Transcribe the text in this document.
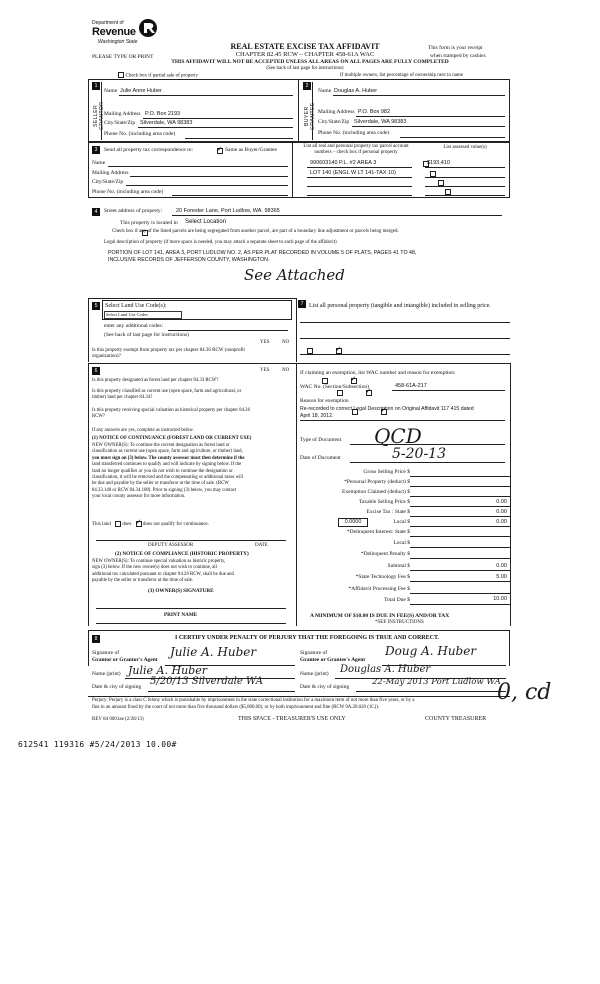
Department of
Revenue
Washington State	REAL ESTATE EXCISE TAX AFFIDAVIT
CHAPTER 82.45 RCW – CHAPTER 458-61A WAC
THIS AFFIDAVIT WILL NOT BE ACCEPTED UNLESS ALL AREAS ON ALL PAGES ARE FULLY COMPLETED
(See back of last page for instructions)
PLEASE TYPE OR PRINT
This form is your receipt
when stamped by cashier.
Check box if partial sale of property	If multiple owners, list percentage of ownership next to name
1
SELLER GRANTOR
Name Julie Anne Huber
Mailing Address P.O. Box 2193
City/State/Zip Silverdale, WA 98383
Phone No. (including area code)
2
BUYER GRANTEE
Name Douglas A. Huber
Mailing Address P.O. Box 982
City/State/Zip Silverdale, WA 98383
Phone No. (including area code)
3	Send all property tax correspondence to: ✓	Same as Buyer/Grantee
Name
Mailing Address
City/State/Zip
Phone No. (including area code)
List all real and personal property tax parcel account numbers – check box if personal property
List assessed value(s)
990603140 P.L. #2 AREA 3
	$193,410
LOT 140 (ENGL W LT 141-TAX 10)

4	Street address of property:	20 Forester Lane, Port Ludlow, WA. 98365
This property is located in Select Location

Check box if any of the listed parcels are being segregated from another parcel, are part of a boundary line adjustment or parcels being merged.
Legal description of property (if more space is needed, you may attach a separate sheet to each page of the affidavit)
PORTION OF LOT 141, AREA 3, PORT LUDLOW NO. 2, AS PER PLAT RECORDED IN VOLUME 5 OF PLATS, PAGES 41 TO 48,
INCLUSIVE RECORDS OF JEFFERSON COUNTY, WASHINGTON.
See Attached
5	Select Land Use Code(s):
Select Land Use Codes
enter any additional codes:
(See back of last page for instructions)
YES	NO
Is this property exempt from property tax per chapter 84.36 RCW (nonprofit organization)?
✓
7 List all personal property (tangible and intangible) included in selling price.
6	YES	NO
Is this property designated as forest land per chapter 84.33 RCW?
✓
Is this property classified as current use (open space, farm and agricultural, or timber) land per chapter 84.34?
✓
Is this property receiving special valuation as historical property per chapter 84.26 RCW?
✓
If any answers are yes, complete as instructed below.
(1) NOTICE OF CONTINUANCE (FOREST LAND OR CURRENT USE)
NEW OWNER(S): To continue the current designation as forest land or
classification as current use (open space, farm and agriculture, or timber) land,
you must sign on (3) below. The county assessor must then determine if the
land transferred continues to qualify and will indicate by signing below. If the
land no longer qualifies or you do not wish to continue the designation or
classification, it will be removed and the compensating or additional taxes will
be due and payable by the seller or transferor at the time of sale. (RCW
84.33.140 or RCW 84.34.108). Prior to signing (3) below, you may contact
your local county assessor for more information.
This land does ✓ does not qualify for continuance.
DEPUTY ASSESSOR	DATE
(2) NOTICE OF COMPLIANCE (HISTORIC PROPERTY)
NEW OWNER(S): To continue special valuation as historic property,
sign (3) below. If the new owner(s) does not wish to continue, all
additional tax calculated pursuant to chapter 84.26 RCW, shall be due and
payable by the seller or transferor at the time of sale.
(3) OWNER(S) SIGNATURE
PRINT NAME
If claiming an exemption, list WAC number and reason for exemption:
WAC No. (Section/Subsection)	458-61A-217
Reason for exemption
Re-recorded to correct Legal Description on Original Affidavit 117 415 dated
April 18, 2012.
Type of Document QCD
Date of Document	5-20-13
Gross Selling Price $
*Personal Property (deduct) $
Exemption Claimed (deduct) $
Taxable Selling Price $	0.00
Excise Tax : State $	0.00
0.0000	Local $	0.00
*Delinquent Interest: State $
Local $
*Delinquent Penalty $
Subtotal $	0.00
*State Technology Fee $	5.00
*Affidavit Processing Fee $
Total Due $	10.00
A MINIMUM OF $10.00 IS DUE IN FEE(S) AND/OR TAX
*SEE INSTRUCTIONS
8	I CERTIFY UNDER PENALTY OF PERJURY THAT THE FOREGOING IS TRUE AND CORRECT.
Signature of
Grantor or Grantor's Agent
Julie A. Huber
Name (print) Julie A. Huber
Date & city of signing 5/20/13 Silverdale WA
Signature of
Grantee or Grantee's Agent
Doug A. Huber
Name (print) Douglas A. Huber
Date & city of signing	22-May 2013 Port Ludlow WA
Perjury: Perjury is a class C felony which is punishable by imprisonment in the state correctional institution for a maximum term of not more than five years, or by a
fine in an amount fixed by the court of not more than five thousand dollars ($5,000.00), or by both imprisonment and fine (RCW 9A.20.020 (1C)).
REV 84 0001ae (2/28/13)	THIS SPACE - TREASURER'S USE ONLY	COUNTY TREASURER
0, cd
612541 119316 #5/24/2013 10.00#
